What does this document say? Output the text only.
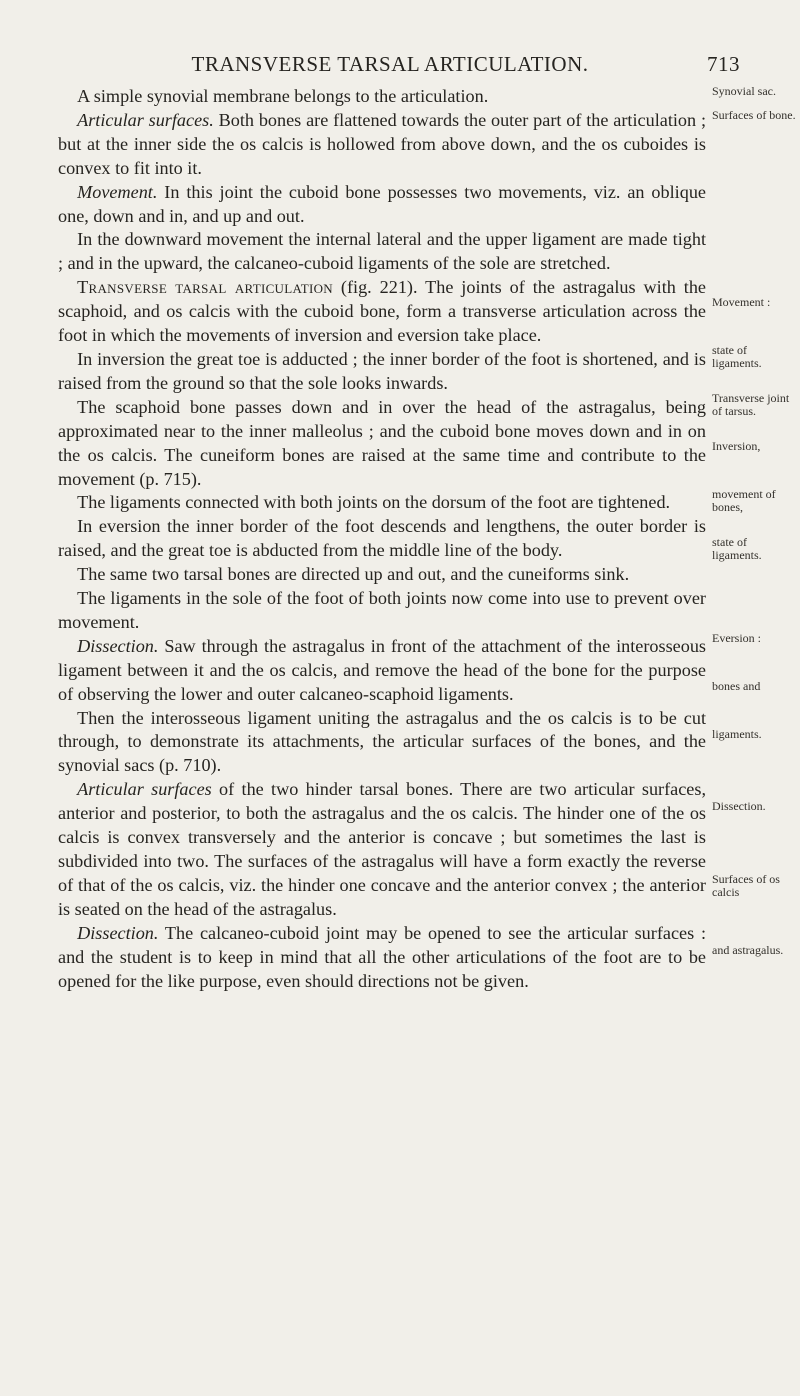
TRANSVERSE TARSAL ARTICULATION.	713

A simple synovial membrane belongs to the articulation.

Articular surfaces. Both bones are flattened towards the outer part of the articulation ; but at the inner side the os calcis is hollowed from above down, and the os cuboides is convex to fit into it.

Movement. In this joint the cuboid bone possesses two movements, viz. an oblique one, down and in, and up and out.

In the downward movement the internal lateral and the upper ligament are made tight ; and in the upward, the calcaneo-cuboid ligaments of the sole are stretched.

Transverse tarsal articulation (fig. 221). The joints of the astragalus with the scaphoid, and os calcis with the cuboid bone, form a transverse articulation across the foot in which the movements of inversion and eversion take place.

In inversion the great toe is adducted ; the inner border of the foot is shortened, and is raised from the ground so that the sole looks inwards.

The scaphoid bone passes down and in over the head of the astragalus, being approximated near to the inner malleolus ; and the cuboid bone moves down and in on the os calcis. The cuneiform bones are raised at the same time and contribute to the movement (p. 715).

The ligaments connected with both joints on the dorsum of the foot are tightened.

In eversion the inner border of the foot descends and lengthens, the outer border is raised, and the great toe is abducted from the middle line of the body.

The same two tarsal bones are directed up and out, and the cuneiforms sink.

The ligaments in the sole of the foot of both joints now come into use to prevent over movement.

Dissection. Saw through the astragalus in front of the attachment of the interosseous ligament between it and the os calcis, and remove the head of the bone for the purpose of observing the lower and outer calcaneo-scaphoid ligaments.

Then the interosseous ligament uniting the astragalus and the os calcis is to be cut through, to demonstrate its attachments, the articular surfaces of the bones, and the synovial sacs (p. 710).

Articular surfaces of the two hinder tarsal bones. There are two articular surfaces, anterior and posterior, to both the astragalus and the os calcis. The hinder one of the os calcis is convex transversely and the anterior is concave ; but sometimes the last is subdivided into two. The surfaces of the astragalus will have a form exactly the reverse of that of the os calcis, viz. the hinder one concave and the anterior convex ; the anterior is seated on the head of the astragalus.

Dissection. The calcaneo-cuboid joint may be opened to see the articular surfaces : and the student is to keep in mind that all the other articulations of the foot are to be opened for the like purpose, even should directions not be given.

Synovial sac.
Surfaces of bone.
Movement :
state of ligaments.
Transverse joint of tarsus.
Inversion,
movement of bones,
state of ligaments.
Eversion :
bones and
ligaments.
Dissection.
Surfaces of os calcis
and astragalus.
